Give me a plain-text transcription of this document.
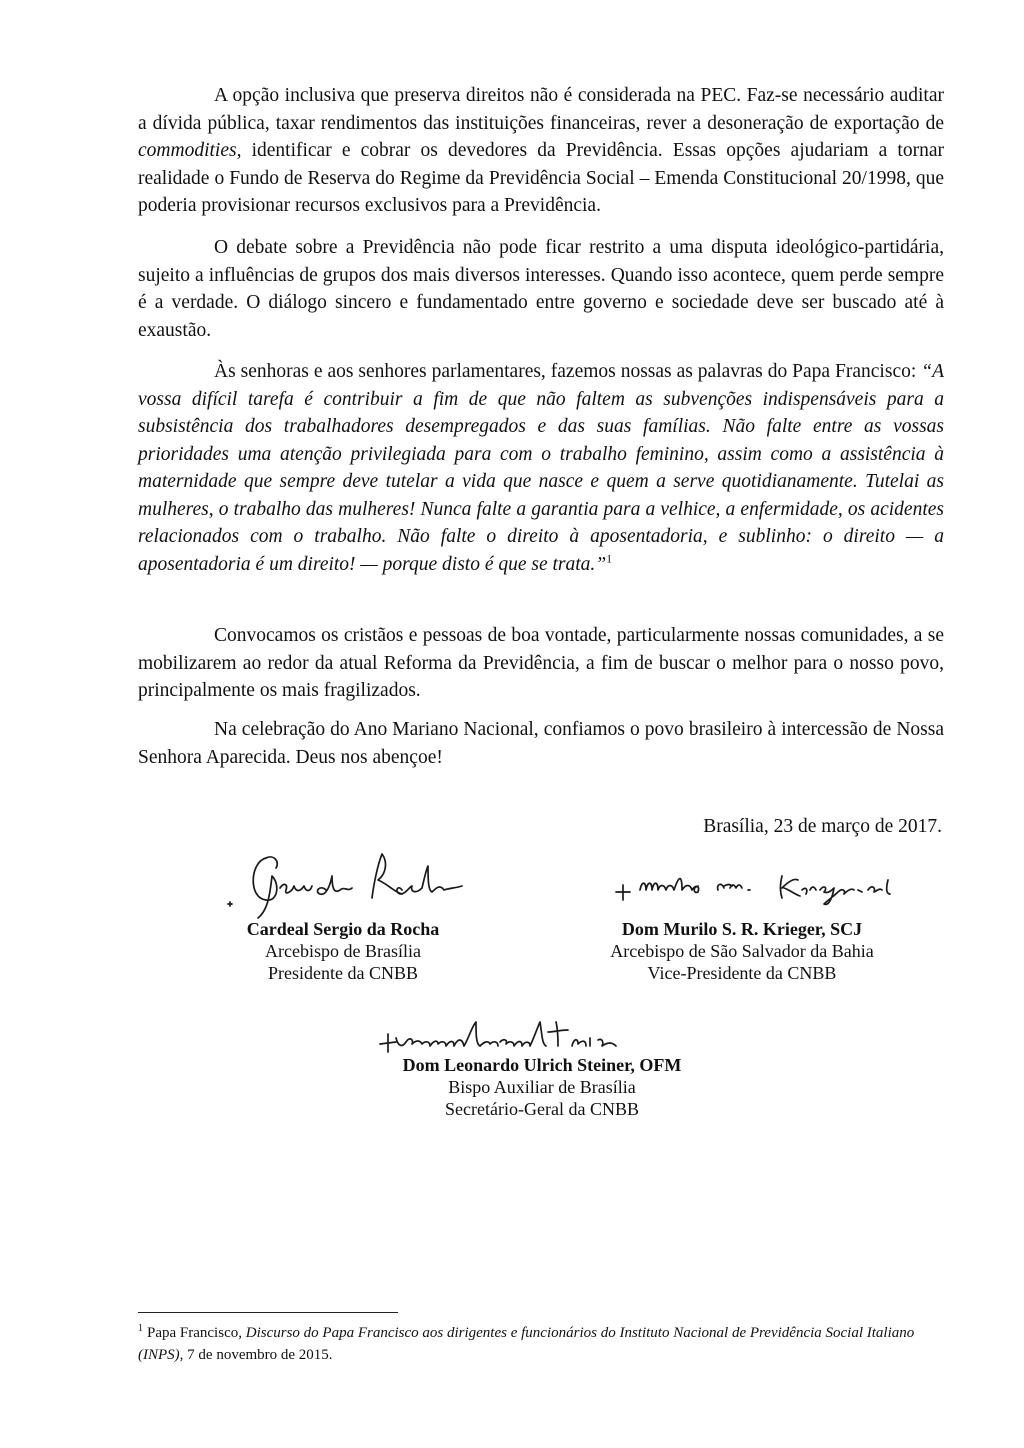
A opção inclusiva que preserva direitos não é considerada na PEC. Faz-se necessário auditar a dívida pública, taxar rendimentos das instituições financeiras, rever a desoneração de exportação de commodities, identificar e cobrar os devedores da Previdência. Essas opções ajudariam a tornar realidade o Fundo de Reserva do Regime da Previdência Social – Emenda Constitucional 20/1998, que poderia provisionar recursos exclusivos para a Previdência.

O debate sobre a Previdência não pode ficar restrito a uma disputa ideológico-partidária, sujeito a influências de grupos dos mais diversos interesses. Quando isso acontece, quem perde sempre é a verdade. O diálogo sincero e fundamentado entre governo e sociedade deve ser buscado até à exaustão.

Às senhoras e aos senhores parlamentares, fazemos nossas as palavras do Papa Francisco: “A vossa difícil tarefa é contribuir a fim de que não faltem as subvenções indispensáveis para a subsistência dos trabalhadores desempregados e das suas famílias. Não falte entre as vossas prioridades uma atenção privilegiada para com o trabalho feminino, assim como a assistência à maternidade que sempre deve tutelar a vida que nasce e quem a serve quotidianamente. Tutelai as mulheres, o trabalho das mulheres! Nunca falte a garantia para a velhice, a enfermidade, os acidentes relacionados com o trabalho. Não falte o direito à aposentadoria, e sublinho: o direito — a aposentadoria é um direito! — porque disto é que se trata.”$^1$

Convocamos os cristãos e pessoas de boa vontade, particularmente nossas comunidades, a se mobilizarem ao redor da atual Reforma da Previdência, a fim de buscar o melhor para o nosso povo, principalmente os mais fragilizados.

Na celebração do Ano Mariano Nacional, confiamos o povo brasileiro à intercessão de Nossa Senhora Aparecida. Deus nos abençoe!

Brasília, 23 de março de 2017.
Cardeal Sergio da Rocha
Arcebispo de Brasília
Presidente da CNBB
Dom Murilo S. R. Krieger, SCJ
Arcebispo de São Salvador da Bahia
Vice-Presidente da CNBB
Dom Leonardo Ulrich Steiner, OFM
Bispo Auxiliar de Brasília
Secretário-Geral da CNBB
$^1$ Papa Francisco, Discurso do Papa Francisco aos dirigentes e funcionários do Instituto Nacional de Previdência Social Italiano (INPS), 7 de novembro de 2015.
